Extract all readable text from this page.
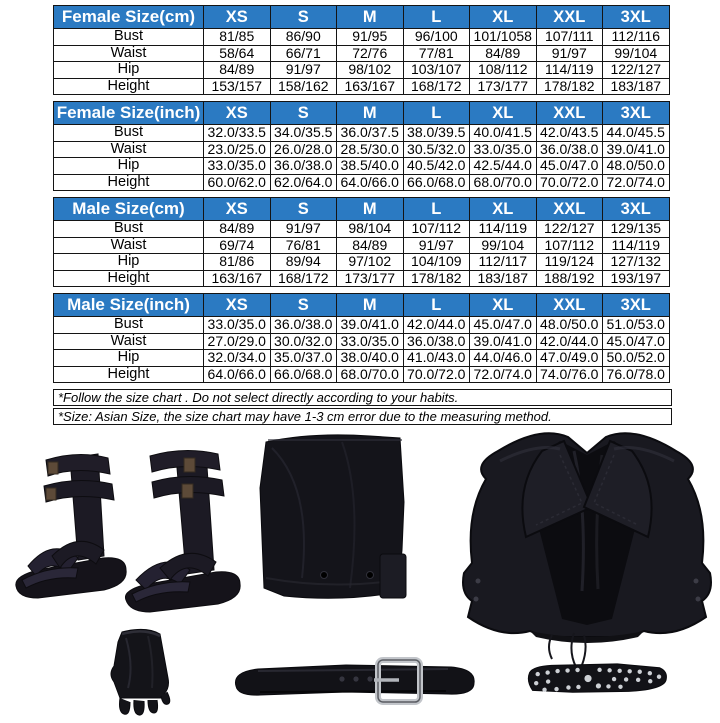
Female Size(cm)	XS	S	M	L	XL	XXL	3XL
Bust	81/85	86/90	91/95	96/100	101/1058	107/111	112/116
Waist	58/64	66/71	72/76	77/81	84/89	91/97	99/104
Hip	84/89	91/97	98/102	103/107	108/112	114/119	122/127
Height	153/157	158/162	163/167	168/172	173/177	178/182	183/187
Female Size(inch)	XS	S	M	L	XL	XXL	3XL
Bust	32.0/33.5	34.0/35.5	36.0/37.5	38.0/39.5	40.0/41.5	42.0/43.5	44.0/45.5
Waist	23.0/25.0	26.0/28.0	28.5/30.0	30.5/32.0	33.0/35.0	36.0/38.0	39.0/41.0
Hip	33.0/35.0	36.0/38.0	38.5/40.0	40.5/42.0	42.5/44.0	45.0/47.0	48.0/50.0
Height	60.0/62.0	62.0/64.0	64.0/66.0	66.0/68.0	68.0/70.0	70.0/72.0	72.0/74.0
Male Size(cm)	XS	S	M	L	XL	XXL	3XL
Bust	84/89	91/97	98/104	107/112	114/119	122/127	129/135
Waist	69/74	76/81	84/89	91/97	99/104	107/112	114/119
Hip	81/86	89/94	97/102	104/109	112/117	119/124	127/132
Height	163/167	168/172	173/177	178/182	183/187	188/192	193/197
Male Size(inch)	XS	S	M	L	XL	XXL	3XL
Bust	33.0/35.0	36.0/38.0	39.0/41.0	42.0/44.0	45.0/47.0	48.0/50.0	51.0/53.0
Waist	27.0/29.0	30.0/32.0	33.0/35.0	36.0/38.0	39.0/41.0	42.0/44.0	45.0/47.0
Hip	32.0/34.0	35.0/37.0	38.0/40.0	41.0/43.0	44.0/46.0	47.0/49.0	50.0/52.0
Height	64.0/66.0	66.0/68.0	68.0/70.0	70.0/72.0	72.0/74.0	74.0/76.0	76.0/78.0
*Follow the size chart . Do not select directly according to your habits.
*Size: Asian Size, the size chart may have 1-3 cm error due to the measuring method.
